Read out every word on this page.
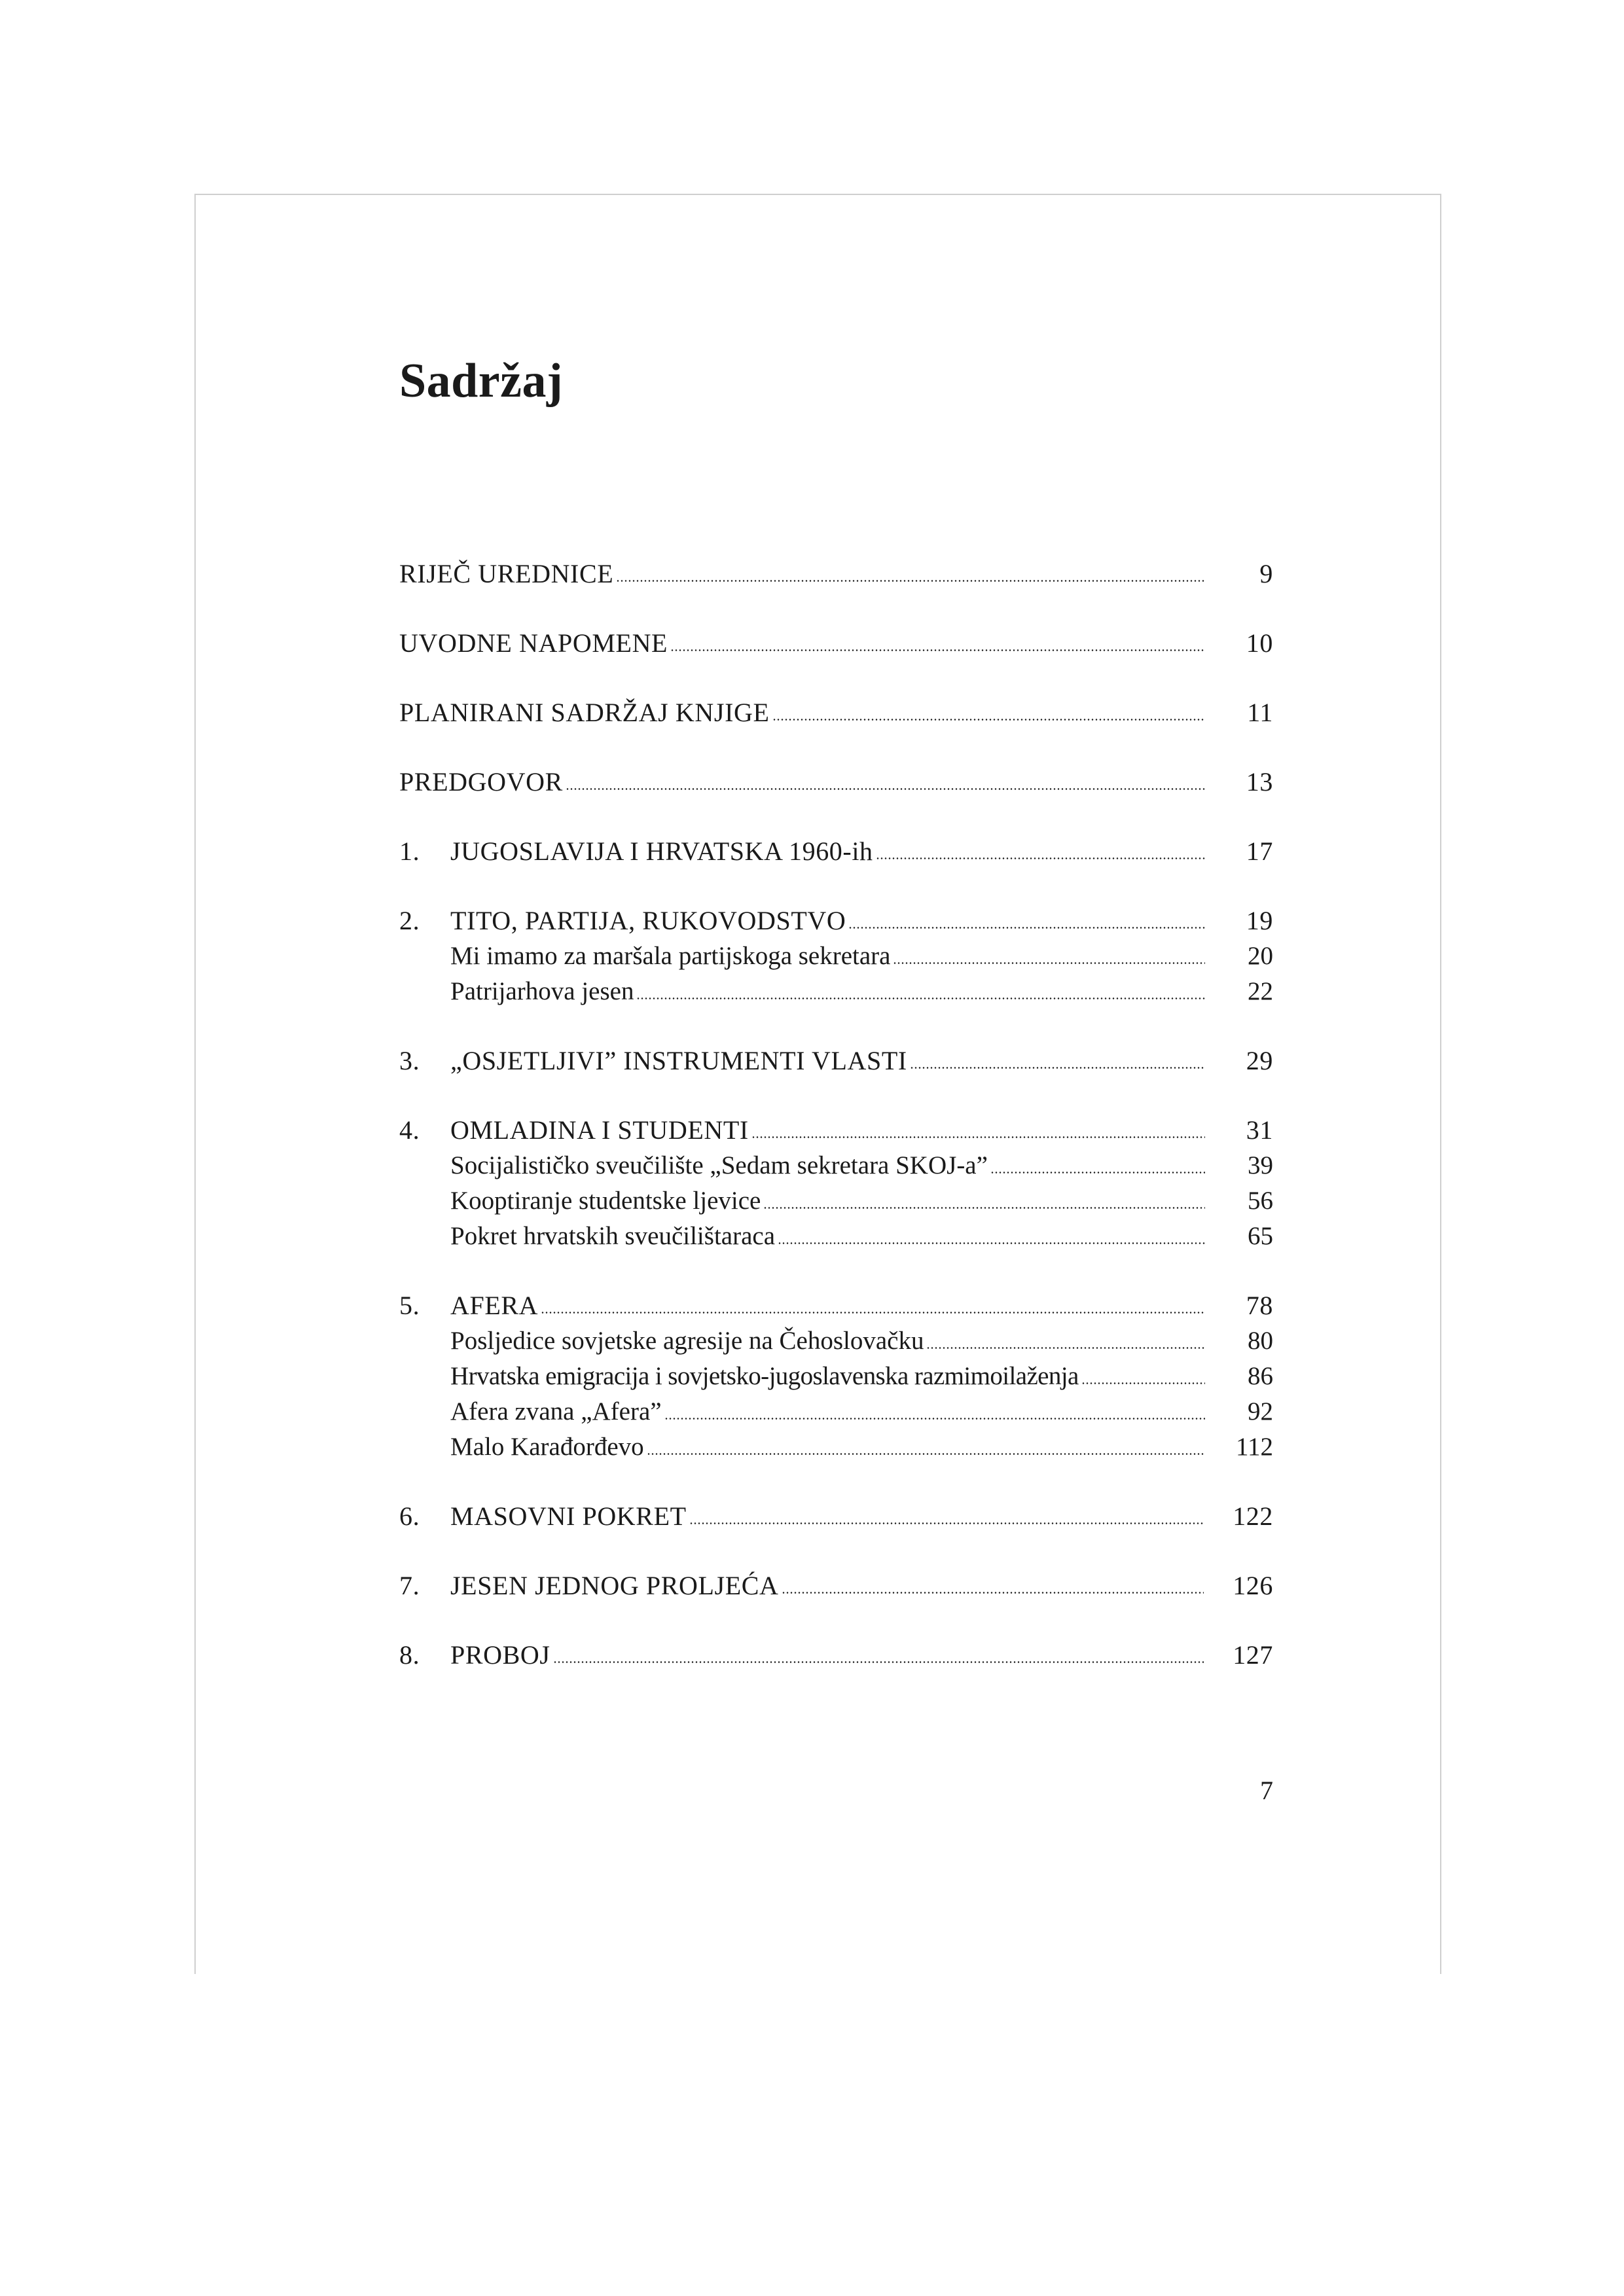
Sadržaj
RIJEČ UREDNICE	9
UVODNE NAPOMENE	10
PLANIRANI SADRŽAJ KNJIGE	11
PREDGOVOR	13
1.	JUGOSLAVIJA I HRVATSKA 1960-ih	17
2.	TITO, PARTIJA, RUKOVODSTVO	19
Mi imamo za maršala partijskoga sekretara	20
Patrijarhova jesen	22
3.	„OSJETLJIVI” INSTRUMENTI VLASTI	29
4.	OMLADINA I STUDENTI	31
Socijalističko sveučilište „Sedam sekretara SKOJ-a”	39
Kooptiranje studentske ljevice	56
Pokret hrvatskih sveučilištaraca	65
5.	AFERA	78
Posljedice sovjetske agresije na Čehoslovačku	80
Hrvatska emigracija i sovjetsko-jugoslavenska razmimoilaženja	86
Afera zvana „Afera”	92
Malo Karađorđevo	112
6.	MASOVNI POKRET	122
7.	JESEN JEDNOG PROLJEĆA	126
8.	PROBOJ	127
7
